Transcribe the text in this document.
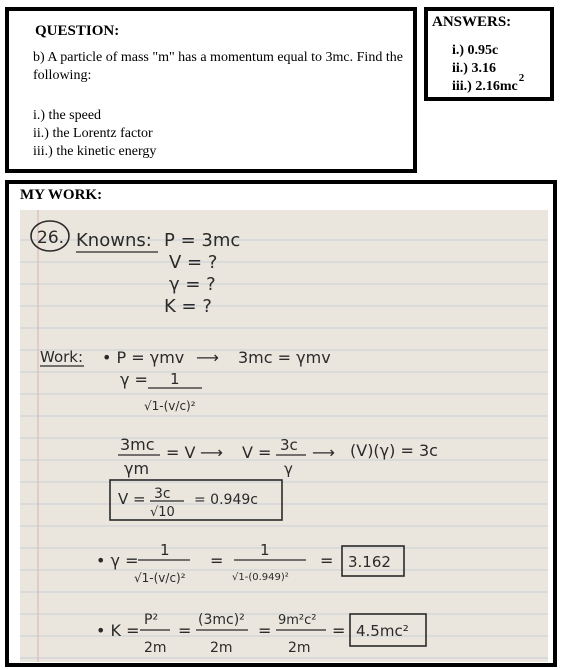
QUESTION:
b) A particle of mass "m" has a momentum equal to 3mc. Find the following:
i.) the speed
ii.) the Lorentz factor
iii.) the kinetic energy
ANSWERS:
i.) 0.95c
ii.) 3.16
iii.) $2.16mc^2$
MY WORK:
26. Knowns: P = 3mc
V = ?
γ = ?
K = ?
Work: • P = γmv ⟶ 3mc = γmv
γ = 1
√1-(v/c)²
3mc
γm
= V ⟶ V = 3c
γ
⟶ (V)(γ) = 3c
V = 3c
√10
= 0.949c
• γ =
1
√1-(v/c)²
=
1
√1-(0.949)²
= 3.162
• K =
P²
2m
=
(3mc)²
2m
=
9m²c²
2m
= 4.5mc²
